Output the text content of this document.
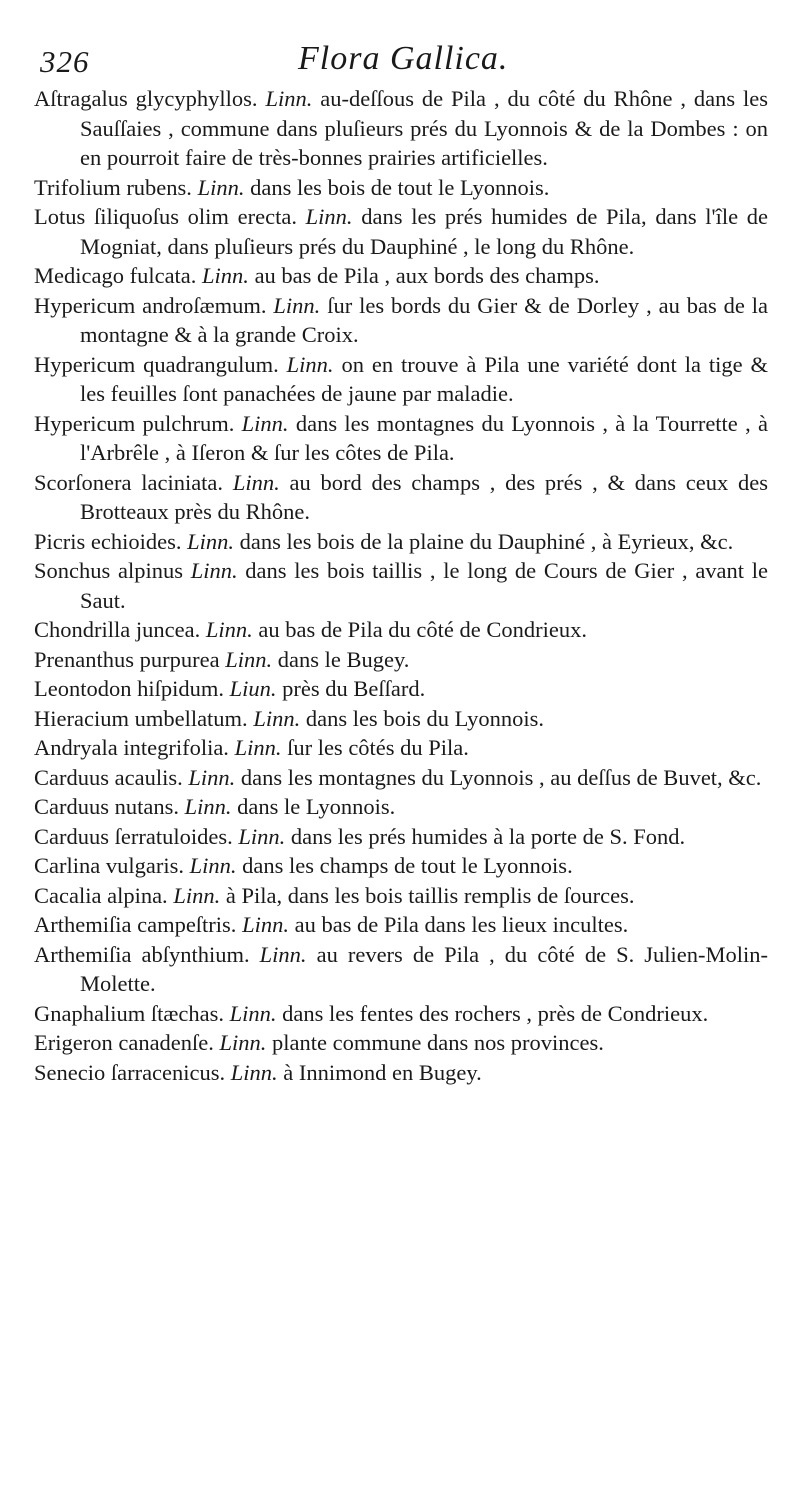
326	Flora Gallica.

Aſtragalus glycyphyllos. Linn. au-deſſous de Pila , du côté du Rhône , dans les Sauſſaies , commune dans pluſieurs prés du Lyonnois & de la Dombes : on en pourroit faire de très-bonnes prairies artificielles.

Trifolium rubens. Linn. dans les bois de tout le Lyonnois.

Lotus ſiliquoſus olim erecta. Linn. dans les prés humides de Pila, dans l'île de Mogniat, dans pluſieurs prés du Dauphiné , le long du Rhône.

Medicago fulcata. Linn. au bas de Pila , aux bords des champs.

Hypericum androſæmum. Linn. ſur les bords du Gier & de Dorley , au bas de la montagne & à la grande Croix.

Hypericum quadrangulum. Linn. on en trouve à Pila une variété dont la tige & les feuilles ſont panachées de jaune par maladie.

Hypericum pulchrum. Linn. dans les montagnes du Lyonnois , à la Tourrette , à l'Arbrêle , à Iſeron & ſur les côtes de Pila.

Scorſonera laciniata. Linn. au bord des champs , des prés , & dans ceux des Brotteaux près du Rhône.

Picris echioides. Linn. dans les bois de la plaine du Dauphiné , à Eyrieux, &c.

Sonchus alpinus Linn. dans les bois taillis , le long de Cours de Gier , avant le Saut.

Chondrilla juncea. Linn. au bas de Pila du côté de Condrieux.

Prenanthus purpurea Linn. dans le Bugey.

Leontodon hiſpidum. Liun. près du Beſſard.

Hieracium umbellatum. Linn. dans les bois du Lyonnois.

Andryala integrifolia. Linn. ſur les côtés du Pila.

Carduus acaulis. Linn. dans les montagnes du Lyonnois , au deſſus de Buvet, &c.

Carduus nutans. Linn. dans le Lyonnois.

Carduus ſerratuloides. Linn. dans les prés humides à la porte de S. Fond.

Carlina vulgaris. Linn. dans les champs de tout le Lyonnois.

Cacalia alpina. Linn. à Pila, dans les bois taillis remplis de ſources.

Arthemiſia campeſtris. Linn. au bas de Pila dans les lieux incultes.

Arthemiſia abſynthium. Linn. au revers de Pila , du côté de S. Julien-Molin-Molette.

Gnaphalium ſtæchas. Linn. dans les fentes des rochers , près de Condrieux.

Erigeron canadenſe. Linn. plante commune dans nos provinces.

Senecio ſarracenicus. Linn. à Innimond en Bugey.
